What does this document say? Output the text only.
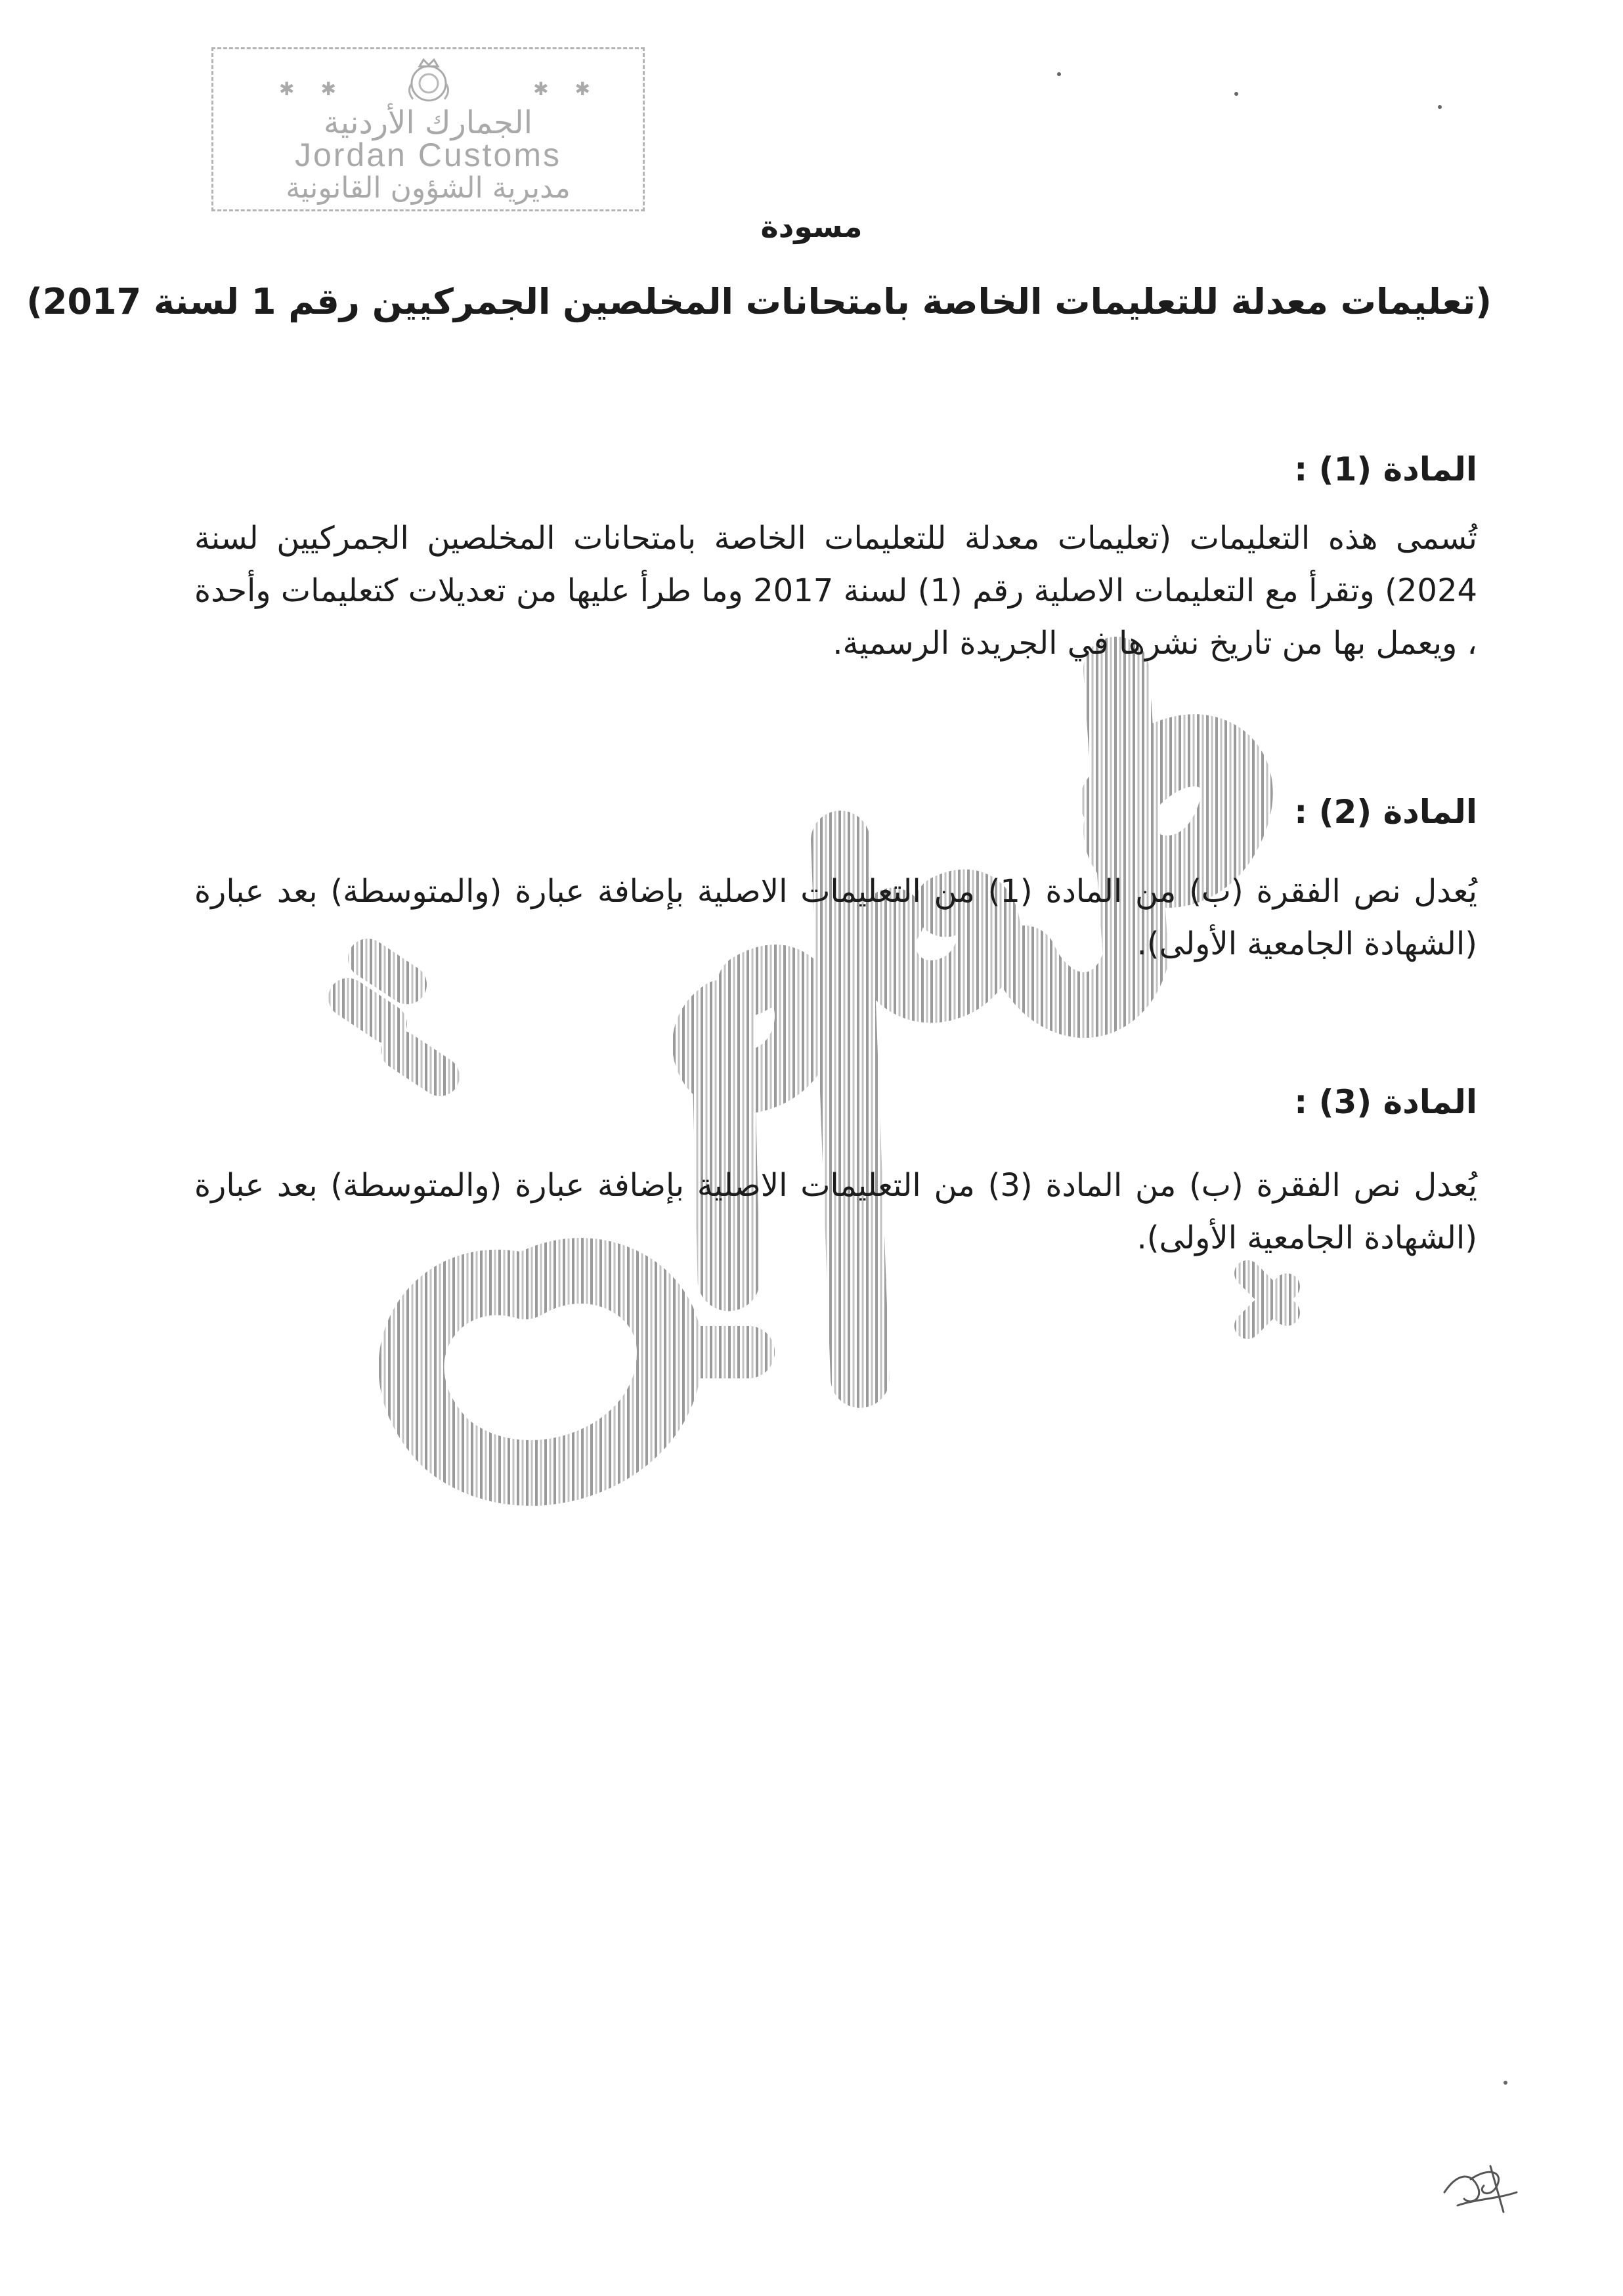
✱✱	✱✱
الجمارك الأردنية
Jordan Customs
مديرية الشؤون القانونية
مسودة
(تعليمات معدلة للتعليمات الخاصة بامتحانات المخلصين الجمركيين رقم 1 لسنة 2017)
المادة (1) :
تُسمى هذه التعليمات (تعليمات معدلة للتعليمات الخاصة بامتحانات المخلصين الجمركيين لسنة 2024) وتقرأ مع التعليمات الاصلية رقم (1) لسنة 2017 وما طرأ عليها من تعديلات كتعليمات وأحدة ، ويعمل بها من تاريخ نشرها في الجريدة الرسمية.
المادة (2) :
يُعدل نص الفقرة (ب) من المادة (1) من التعليمات الاصلية بإضافة عبارة (والمتوسطة) بعد عبارة (الشهادة الجامعية الأولى).
المادة (3) :
يُعدل نص الفقرة (ب) من المادة (3) من التعليمات الاصلية بإضافة عبارة (والمتوسطة) بعد عبارة (الشهادة الجامعية الأولى).
